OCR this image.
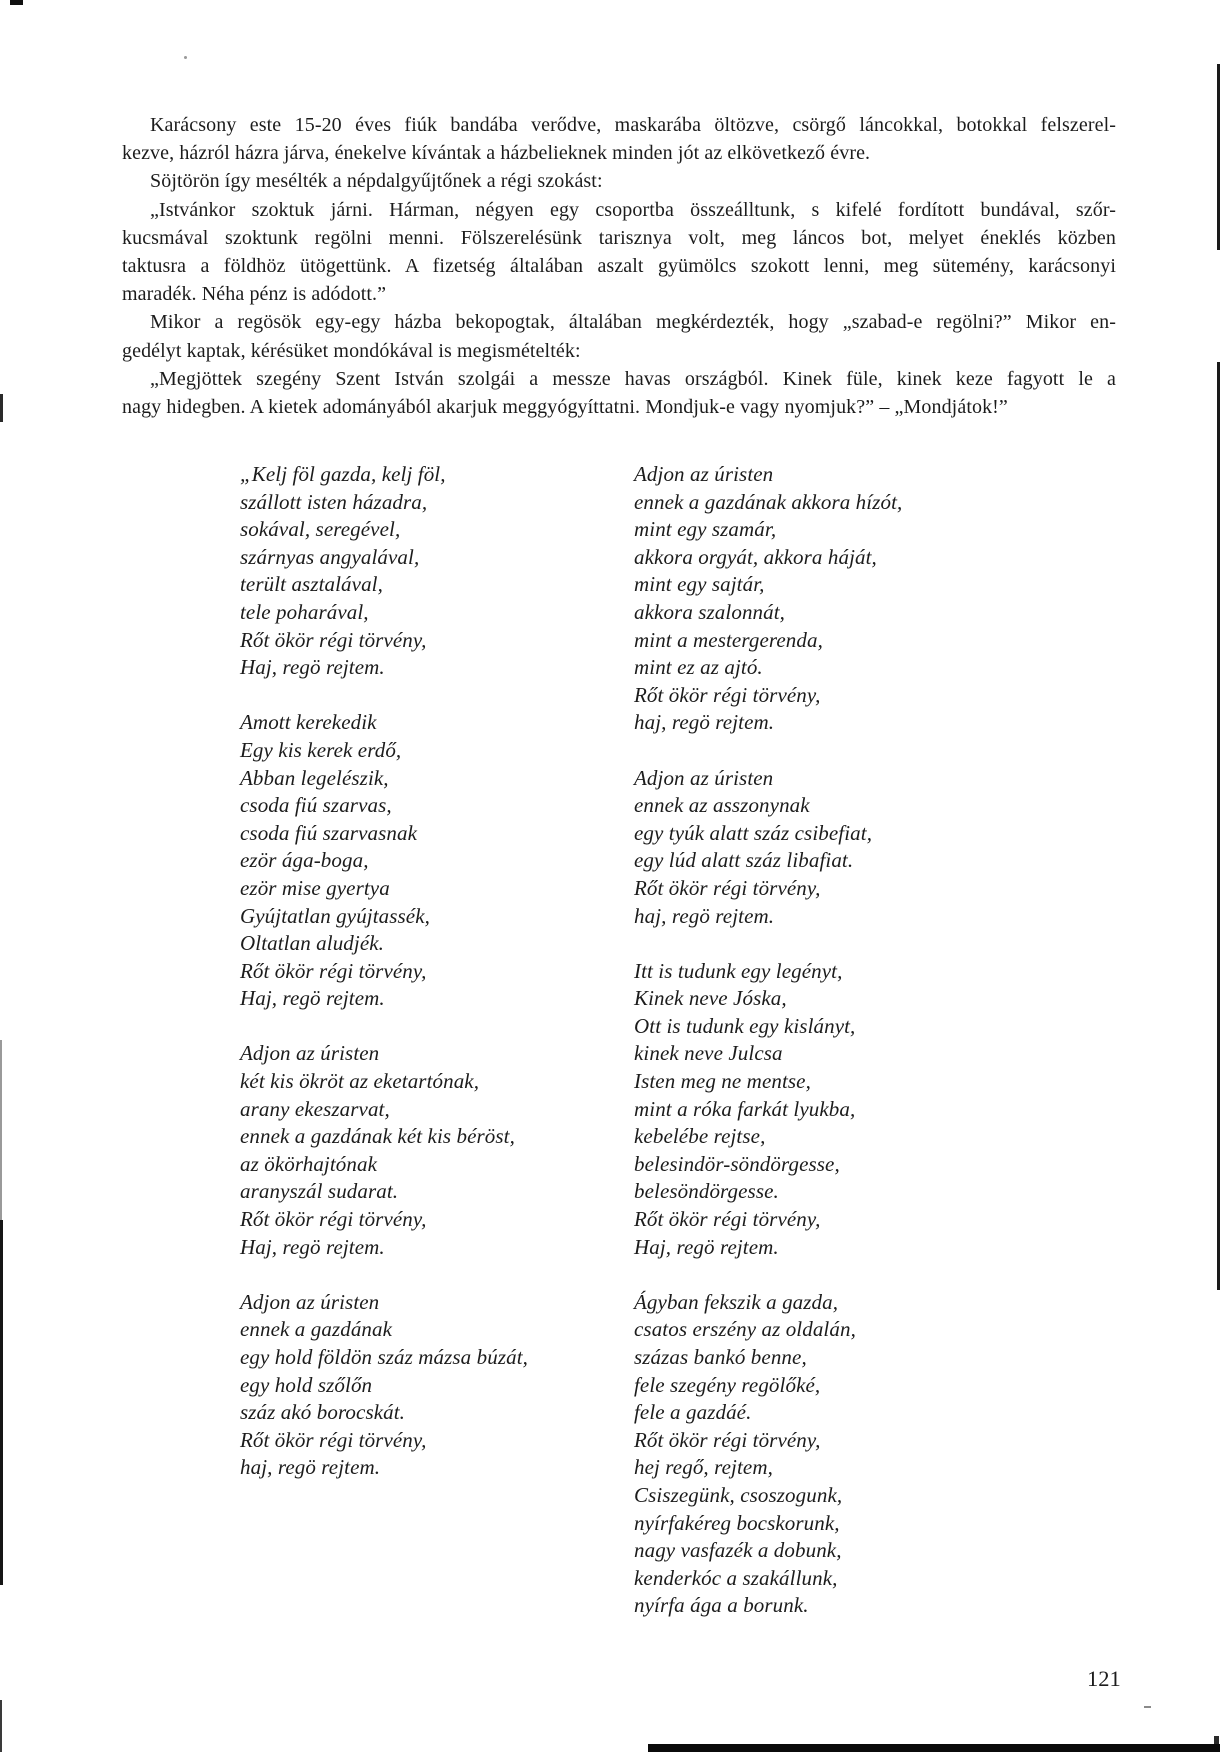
Karácsony este 15-20 éves fiúk bandába verődve, maskarába öltözve, csörgő láncokkal, botokkal felszerel-
kezve, házról házra járva, énekelve kívántak a házbelieknek minden jót az elkövetkező évre.
Söjtörön így mesélték a népdalgyűjtőnek a régi szokást:
„Istvánkor szoktuk járni. Hárman, négyen egy csoportba összeálltunk, s kifelé fordított bundával, szőr-
kucsmával szoktunk regölni menni. Fölszerelésünk tarisznya volt, meg láncos bot, melyet éneklés közben
taktusra a földhöz ütögettünk. A fizetség általában aszalt gyümölcs szokott lenni, meg sütemény, karácsonyi
maradék. Néha pénz is adódott.”
Mikor a regösök egy-egy házba bekopogtak, általában megkérdezték, hogy „szabad-e regölni?” Mikor en-
gedélyt kaptak, kérésüket mondókával is megismételték:
„Megjöttek szegény Szent István szolgái a messze havas országból. Kinek füle, kinek keze fagyott le a
nagy hidegben. A kietek adományából akarjuk meggyógyíttatni. Mondjuk-e vagy nyomjuk?” – „Mondjátok!”
„Kelj föl gazda, kelj föl,
szállott isten házadra,
sokával, seregével,
szárnyas angyalával,
terült asztalával,
tele poharával,
Rőt ökör régi törvény,
Haj, regö rejtem.
Amott kerekedik
Egy kis kerek erdő,
Abban legelészik,
csoda fiú szarvas,
csoda fiú szarvasnak
ezör ága-boga,
ezör mise gyertya
Gyújtatlan gyújtassék,
Oltatlan aludjék.
Rőt ökör régi törvény,
Haj, regö rejtem.
Adjon az úristen
két kis ökröt az eketartónak,
arany ekeszarvat,
ennek a gazdának két kis béröst,
az ökörhajtónak
aranyszál sudarat.
Rőt ökör régi törvény,
Haj, regö rejtem.
Adjon az úristen
ennek a gazdának
egy hold földön száz mázsa búzát,
egy hold szőlőn
száz akó borocskát.
Rőt ökör régi törvény,
haj, regö rejtem.
Adjon az úristen
ennek a gazdának akkora hízót,
mint egy szamár,
akkora orgyát, akkora háját,
mint egy sajtár,
akkora szalonnát,
mint a mestergerenda,
mint ez az ajtó.
Rőt ökör régi törvény,
haj, regö rejtem.
Adjon az úristen
ennek az asszonynak
egy tyúk alatt száz csibefiat,
egy lúd alatt száz libafiat.
Rőt ökör régi törvény,
haj, regö rejtem.
Itt is tudunk egy legényt,
Kinek neve Jóska,
Ott is tudunk egy kislányt,
kinek neve Julcsa
Isten meg ne mentse,
mint a róka farkát lyukba,
kebelébe rejtse,
belesindör-söndörgesse,
belesöndörgesse.
Rőt ökör régi törvény,
Haj, regö rejtem.
Ágyban fekszik a gazda,
csatos erszény az oldalán,
százas bankó benne,
fele szegény regölőké,
fele a gazdáé.
Rőt ökör régi törvény,
hej regő, rejtem,
Csiszegünk, csoszogunk,
nyírfakéreg bocskorunk,
nagy vasfazék a dobunk,
kenderkóc a szakállunk,
nyírfa ága a borunk.
121
